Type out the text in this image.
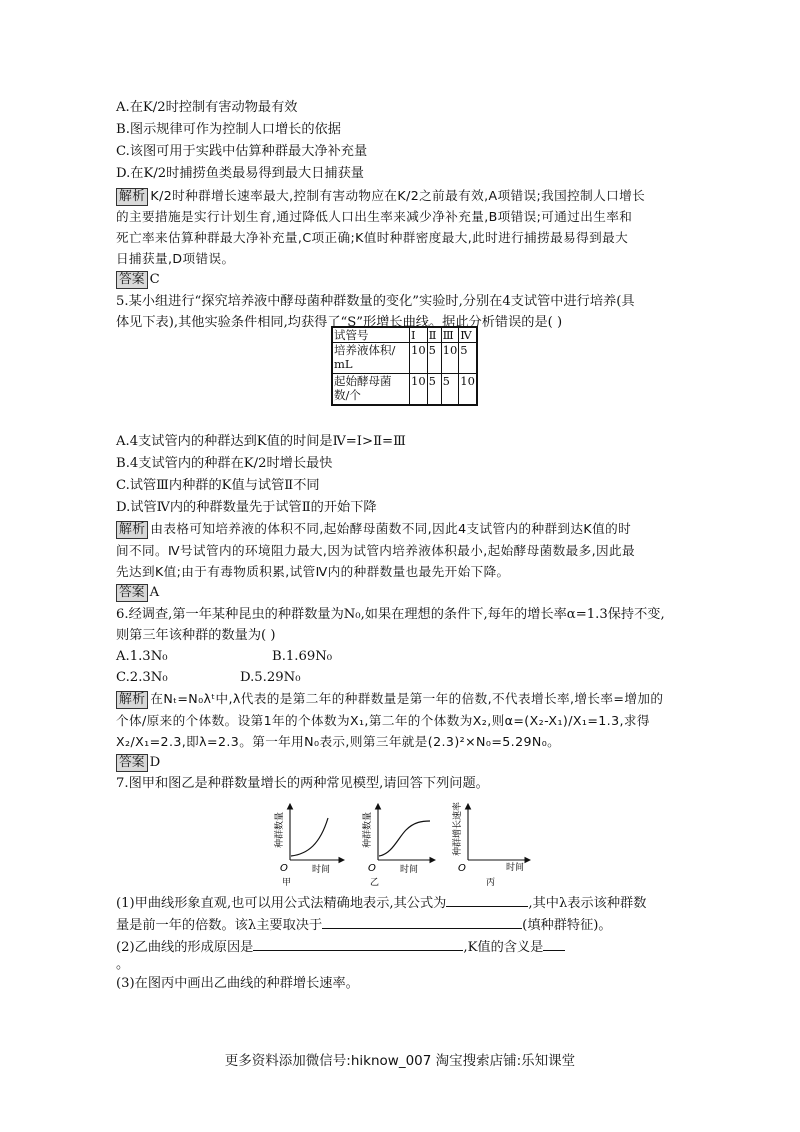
A.在K/2时控制有害动物最有效
B.图示规律可作为控制人口增长的依据
C.该图可用于实践中估算种群最大净补充量
D.在K/2时捕捞鱼类最易得到最大日捕获量
解析 K/2时种群增长速率最大,控制有害动物应在K/2之前最有效,A项错误;我国控制人口增长
的主要措施是实行计划生育,通过降低人口出生率来减少净补充量,B项错误;可通过出生率和
死亡率来估算种群最大净补充量,C项正确;K值时种群密度最大,此时进行捕捞最易得到最大
日捕获量,D项错误。
答案 C
5.某小组进行“探究培养液中酵母菌种群数量的变化”实验时,分别在4支试管中进行培养(具
体见下表),其他实验条件相同,均获得了“S”形增长曲线。据此分析错误的是( )
试管号	Ⅰ	Ⅱ	Ⅲ	Ⅳ

培养液体积/
mL	10	5	10	5

起始酵母菌
数/个	10	5	5	10
A.4支试管内的种群达到K值的时间是Ⅳ=Ⅰ>Ⅱ=Ⅲ
B.4支试管内的种群在K/2时增长最快
C.试管Ⅲ内种群的K值与试管Ⅱ不同
D.试管Ⅳ内的种群数量先于试管Ⅱ的开始下降
解析 由表格可知培养液的体积不同,起始酵母菌数不同,因此4支试管内的种群到达K值的时
间不同。Ⅳ号试管内的环境阻力最大,因为试管内培养液体积最小,起始酵母菌数最多,因此最
先达到K值;由于有毒物质积累,试管Ⅳ内的种群数量也最先开始下降。
答案 A
6.经调查,第一年某种昆虫的种群数量为N₀,如果在理想的条件下,每年的增长率α=1.3保持不变,
则第三年该种群的数量为( )
A.1.3N₀	B.1.69N₀
C.2.3N₀	D.5.29N₀
解析 在Nₜ=N₀λᵗ中,λ代表的是第二年的种群数量是第一年的倍数,不代表增长率,增长率=增加的
个体/原来的个体数。设第1年的个体数为X₁,第二年的个体数为X₂,则α=(X₂-X₁)/X₁=1.3,求得
X₂/X₁=2.3,即λ=2.3。第一年用N₀表示,则第三年就是(2.3)²×N₀=5.29N₀。
答案 D
7.图甲和图乙是种群数量增长的两种常见模型,请回答下列问题。
种群数量
O	时间
甲
种群数量
O	时间
乙
种群增长速率
O	时间
丙
(1)甲曲线形象直观,也可以用公式法精确地表示,其公式为	,其中λ表示该种群数
量是前一年的倍数。该λ主要取决于	(填种群特征)。
(2)乙曲线的形成原因是	,K值的含义是
。
(3)在图丙中画出乙曲线的种群增长速率。
更多资料添加微信号:hiknow_007 淘宝搜索店铺:乐知课堂
